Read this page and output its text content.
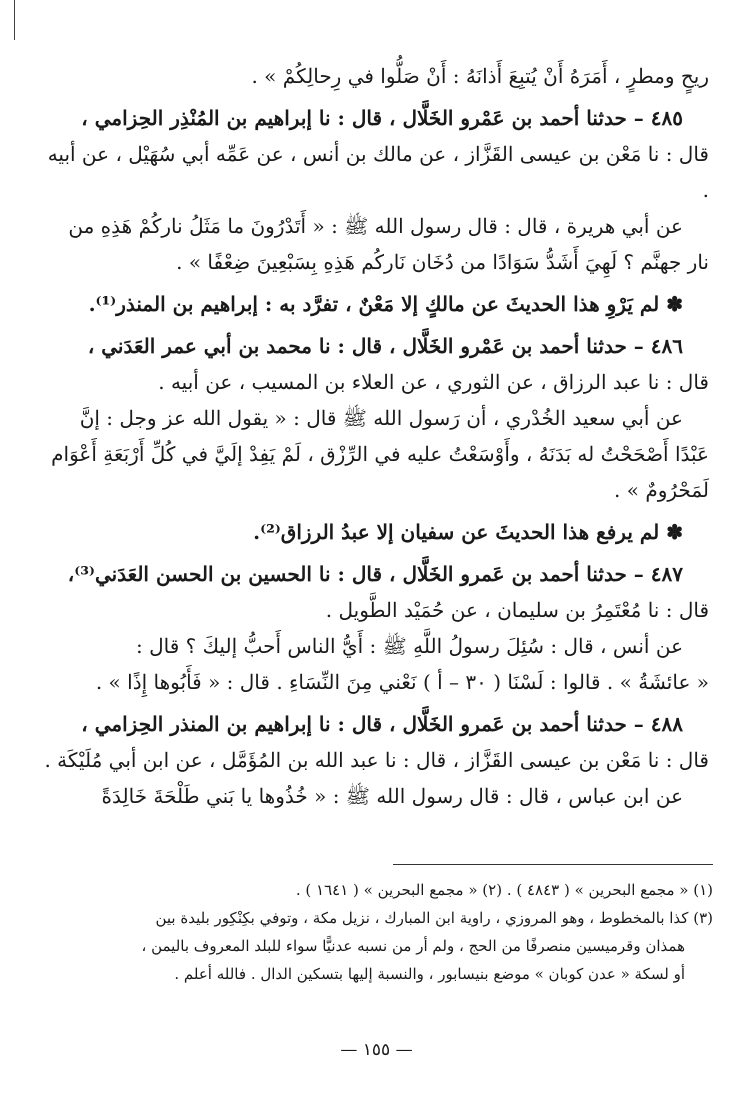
ريحٍ ومطرٍ ، أَمَرَهُ أَنْ يُتبِعَ أَذانَهُ : أَنْ صَلُّوا في رِحالِكُمْ » .

٤٨٥ – حدثنا أحمد بن عَمْرو الخَلَّال ، قال : نا إبراهيم بن المُنْذِر الحِزامي ،

قال : نا مَعْن بن عيسى القَزَّاز ، عن مالك بن أنس ، عن عَمِّه أبي سُهَيْل ، عن أبيه .

عن أبي هريرة ، قال : قال رسول الله ﷺ : « أَتَدْرُونَ ما مَثَلُ ناركُمْ هَذِهِ من

نار جهنَّم ؟ لَهِيَ أَشَدُّ سَوَادًا من دُخَان نَاركُم هَذِهِ بِسَبْعِينَ ضِعْفًا » .

✽ لم يَرْوِ هذا الحديثَ عن مالكٍ إلا مَعْنٌ ، تفرَّد به : إبراهيم بن المنذر⁽¹⁾.

٤٨٦ – حدثنا أحمد بن عَمْرو الخَلَّال ، قال : نا محمد بن أبي عمر العَدَني ،

قال : نا عبد الرزاق ، عن الثوري ، عن العلاء بن المسيب ، عن أبيه .

عن أبي سعيد الخُدْري ، أن رَسول الله ﷺ قال : « يقول الله عز وجل : إنَّ

عَبْدًا أَصْحَحْتُ له بَدَنَهُ ، وأَوْسَعْتُ عليه في الرِّزْق ، لَمْ يَفِدْ إلَيَّ في كُلِّ أَرْبَعَةِ أَعْوَام

لَمَحْرُومٌ » .

✽ لم يرفع هذا الحديثَ عن سفيان إلا عبدُ الرزاق⁽²⁾.

٤٨٧ – حدثنا أحمد بن عَمرو الخَلَّال ، قال : نا الحسين بن الحسن العَدَني⁽³⁾،

قال : نا مُعْتَمِرُ بن سليمان ، عن حُمَيْد الطَّويل .

عن أنس ، قال : سُئِلَ رسولُ اللَّهِ ﷺ : أَيُّ الناس أَحبُّ إليكَ ؟ قال :

« عائشَةُ » . قالوا : لَسْنَا ( ٣٠ – أ ) نَعْني مِنَ النِّسَاءِ . قال : « فَأَبُوها إِذًا » .

٤٨٨ – حدثنا أحمد بن عَمرو الخَلَّال ، قال : نا إبراهيم بن المنذر الحِزامي ،

قال : نا مَعْن بن عيسى القَزَّاز ، قال : نا عبد الله بن المُؤَمَّل ، عن ابن أبي مُلَيْكَة .

عن ابن عباس ، قال : قال رسول الله ﷺ : « خُذُوها يا بَني طَلْحَةَ خَالِدَةً

(١) « مجمع البحرين » ( ٤٨٤٣ ) . (٢) « مجمع البحرين » ( ١٦٤١ ) .

(٣) كذا بالمخطوط ، وهو المروزي ، راوية ابن المبارك ، نزيل مكة ، وتوفي بكِنْكِور بليدة بين

همذان وقرميسين منصرفًا من الحج ، ولم أر من نسبه عدنيًّا سواء للبلد المعروف باليمن ،

أو لسكة « عدن كوبان » موضع بنيسابور ، والنسبة إليها بتسكين الدال . فالله أعلم .

— ١٥٥ —
